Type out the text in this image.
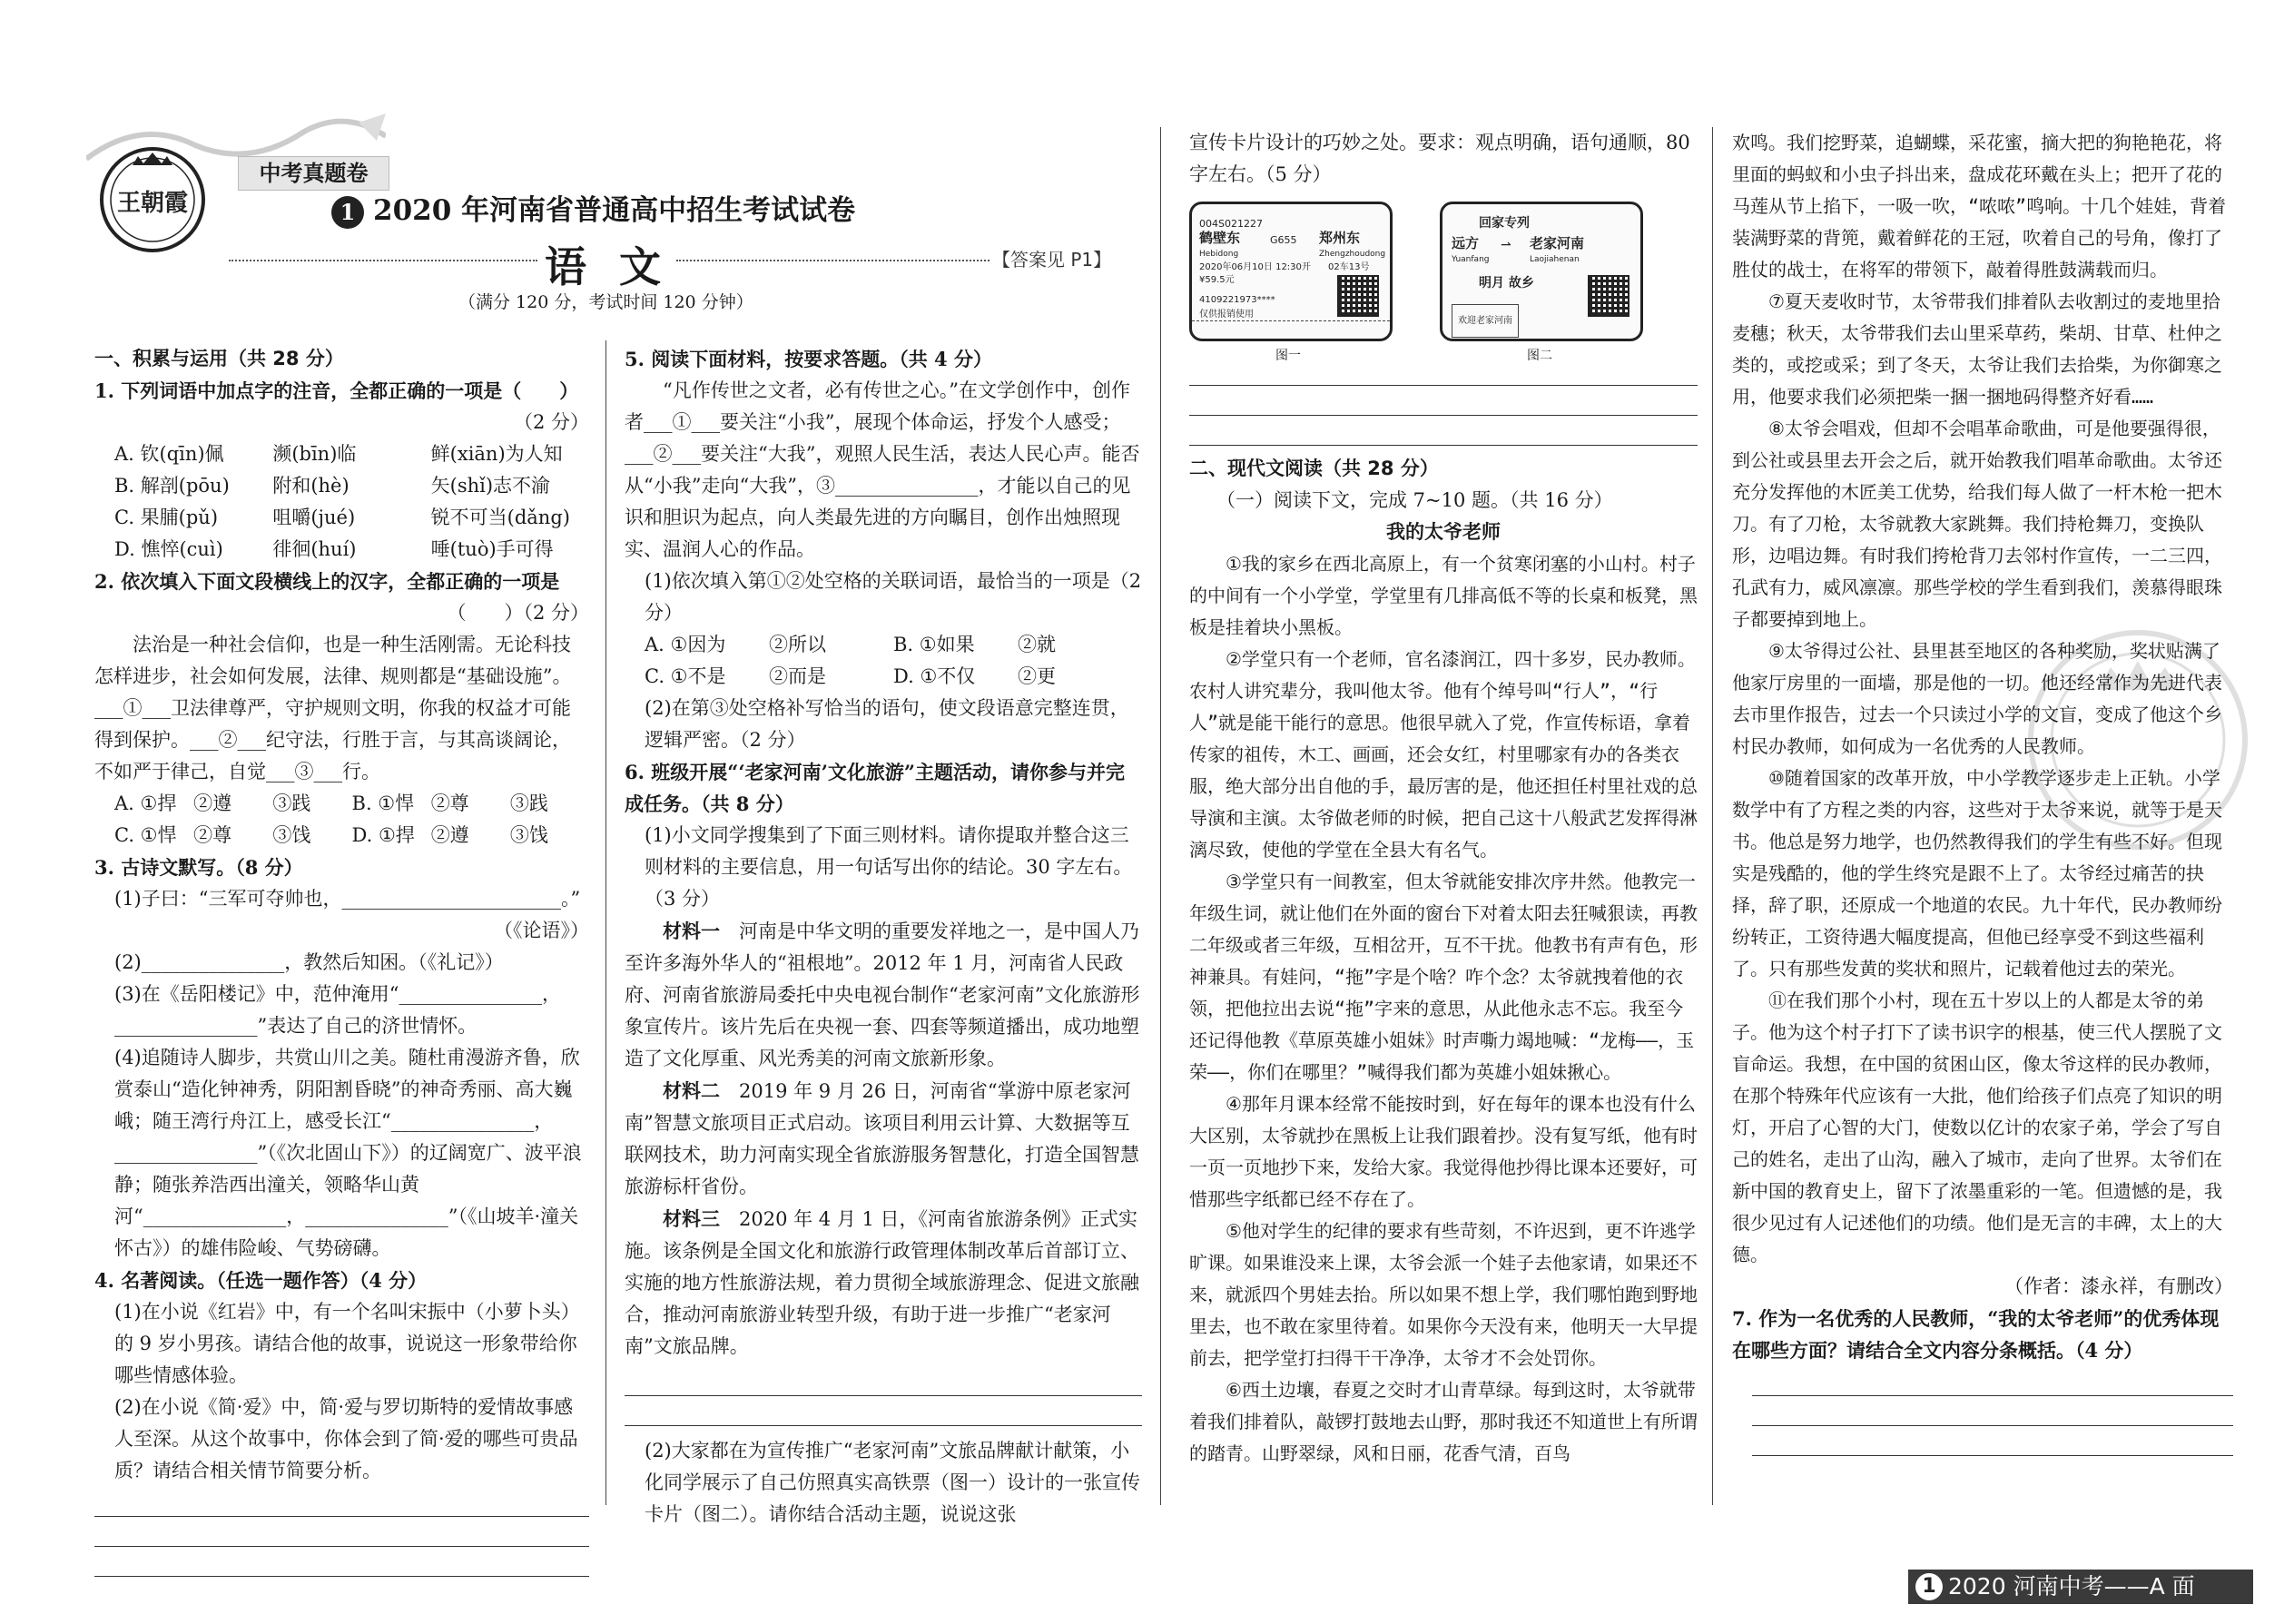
王朝霞
中考真题卷
1 2020 年河南省普通高中招生考试试卷
语 文	【答案见 P1】
（满分 120 分，考试时间 120 分钟）

一、积累与运用（共 28 分）

1. 下列词语中加点字的注音，全都正确的一项是（　　）

（2 分）

A. 钦(qīn)佩	濒(bīn)临	鲜(xiān)为人知
B. 解剖(pōu)	附和(hè)	矢(shǐ)志不渝
C. 果脯(pǔ)	咀嚼(jué)	锐不可当(dǎng)
D. 憔悴(cuì)	徘徊(huí)	唾(tuò)手可得

2. 依次填入下面文段横线上的汉字，全都正确的一项是

（　　）（2 分）

法治是一种社会信仰，也是一种生活刚需。无论科技怎样进步，社会如何发展，法律、规则都是“基础设施”。___①___卫法律尊严，守护规则文明，你我的权益才可能得到保护。___②___纪守法，行胜于言，与其高谈阔论，不如严于律己，自觉___③___行。

A. ①捍 ②遵	③践	B. ①悍 ②尊	③践
C. ①悍 ②尊	③饯	D. ①捍 ②遵	③饯

3. 古诗文默写。（8 分）

(1)子曰：“三军可夺帅也，_______________________。”

（《论语》）

(2)_______________，教然后知困。（《礼记》）

(3)在《岳阳楼记》中，范仲淹用“_______________，_______________”表达了自己的济世情怀。

(4)追随诗人脚步，共赏山川之美。随杜甫漫游齐鲁，欣赏泰山“造化钟神秀，阴阳割昏晓”的神奇秀丽、高大巍峨；随王湾行舟江上，感受长江“_______________，_______________”（《次北固山下》）的辽阔宽广、波平浪静；随张养浩西出潼关，领略华山黄河“_______________，_______________”（《山坡羊·潼关怀古》）的雄伟险峻、气势磅礴。

4. 名著阅读。（任选一题作答）（4 分）

(1)在小说《红岩》中，有一个名叫宋振中（小萝卜头）的 9 岁小男孩。请结合他的故事，说说这一形象带给你哪些情感体验。

(2)在小说《简·爱》中，简·爱与罗切斯特的爱情故事感人至深。从这个故事中，你体会到了简·爱的哪些可贵品质？请结合相关情节简要分析。

5. 阅读下面材料，按要求答题。（共 4 分）

“凡作传世之文者，必有传世之心。”在文学创作中，创作者___①___要关注“小我”，展现个体命运，抒发个人感受；___②___要关注“大我”，观照人民生活，表达人民心声。能否从“小我”走向“大我”，③_______________，才能以自己的见识和胆识为起点，向人类最先进的方向瞩目，创作出烛照现实、温润人心的作品。

(1)依次填入第①②处空格的关联词语，最恰当的一项是（2 分）

A. ①因为	②所以	B. ①如果	②就
C. ①不是	②而是	D. ①不仅	②更

(2)在第③处空格补写恰当的语句，使文段语意完整连贯，逻辑严密。（2 分）

6. 班级开展“‘老家河南’文化旅游”主题活动，请你参与并完成任务。（共 8 分）

(1)小文同学搜集到了下面三则材料。请你提取并整合这三则材料的主要信息，用一句话写出你的结论。30 字左右。（3 分）

材料一　 河南是中华文明的重要发祥地之一，是中国人乃至许多海外华人的“祖根地”。2012 年 1 月，河南省人民政府、河南省旅游局委托中央电视台制作“老家河南”文化旅游形象宣传片。该片先后在央视一套、四套等频道播出，成功地塑造了文化厚重、风光秀美的河南文旅新形象。

材料二　 2019 年 9 月 26 日，河南省“掌游中原老家河南”智慧文旅项目正式启动。该项目利用云计算、大数据等互联网技术，助力河南实现全省旅游服务智慧化，打造全国智慧旅游标杆省份。

材料三　 2020 年 4 月 1 日，《河南省旅游条例》正式实施。该条例是全国文化和旅游行政管理体制改革后首部订立、实施的地方性旅游法规，着力贯彻全域旅游理念、促进文旅融合，推动河南旅游业转型升级，有助于进一步推广“老家河南”文旅品牌。

(2)大家都在为宣传推广“老家河南”文旅品牌献计献策，小化同学展示了自己仿照真实高铁票（图一）设计的一张宣传卡片（图二）。请你结合活动主题，说说这张

宣传卡片设计的巧妙之处。要求：观点明确，语句通顺，80 字左右。（5 分）

004S021227
鹤壁东
Hebidong
G655 郑州东
Zhengzhoudong
2020年06月10日 12:30开 02车13号
¥59.5元
4109221973****
仅供报销使用
图一
回家专列
远方
Yuanfang
⇀ 老家河南
Laojiahenan
明月 故乡
欢迎老家河南
图二

二、现代文阅读（共 28 分）

（一）阅读下文，完成 7~10 题。（共 16 分）

我的太爷老师

①我的家乡在西北高原上，有一个贫寒闭塞的小山村。村子的中间有一个小学堂，学堂里有几排高低不等的长桌和板凳，黑板是挂着块小黑板。

②学堂只有一个老师，官名漆润江，四十多岁，民办教师。农村人讲究辈分，我叫他太爷。他有个绰号叫“行人”，“行人”就是能干能行的意思。他很早就入了党，作宣传标语，拿着传家的祖传，木工、画画，还会女红，村里哪家有办的各类衣服，绝大部分出自他的手，最厉害的是，他还担任村里社戏的总导演和主演。太爷做老师的时候，把自己这十八般武艺发挥得淋漓尽致，使他的学堂在全县大有名气。

③学堂只有一间教室，但太爷就能安排次序井然。他教完一年级生词，就让他们在外面的窗台下对着太阳去狂喊狠读，再教二年级或者三年级，互相岔开，互不干扰。他教书有声有色，形神兼具。有娃问，“拖”字是个啥？咋个念？太爷就拽着他的衣领，把他拉出去说“拖”字来的意思，从此他永志不忘。我至今还记得他教《草原英雄小姐妹》时声嘶力竭地喊：“龙梅——，玉荣——，你们在哪里？”喊得我们都为英雄小姐妹揪心。

④那年月课本经常不能按时到，好在每年的课本也没有什么大区别，太爷就抄在黑板上让我们跟着抄。没有复写纸，他有时一页一页地抄下来，发给大家。我觉得他抄得比课本还要好，可惜那些字纸都已经不存在了。

⑤他对学生的纪律的要求有些苛刻，不许迟到，更不许逃学旷课。如果谁没来上课，太爷会派一个娃子去他家请，如果还不来，就派四个男娃去抬。所以如果不想上学，我们哪怕跑到野地里去，也不敢在家里待着。如果你今天没有来，他明天一大早提前去，把学堂打扫得干干净净，太爷才不会处罚你。

⑥西土边壤，春夏之交时才山青草绿。每到这时，太爷就带着我们排着队，敲锣打鼓地去山野，那时我还不知道世上有所谓的踏青。山野翠绿，风和日丽，花香气清，百鸟

欢鸣。我们挖野菜，追蝴蝶，采花蜜，摘大把的狗艳艳花，将里面的蚂蚁和小虫子抖出来，盘成花环戴在头上；把开了花的马莲从节上掐下，一吸一吹，“哝哝”鸣响。十几个娃娃，背着装满野菜的背篼，戴着鲜花的王冠，吹着自己的号角，像打了胜仗的战士，在将军的带领下，敲着得胜鼓满载而归。

⑦夏天麦收时节，太爷带我们排着队去收割过的麦地里拾麦穗；秋天，太爷带我们去山里采草药，柴胡、甘草、杜仲之类的，或挖或采；到了冬天，太爷让我们去拾柴，为你御寒之用，他要求我们必须把柴一捆一捆地码得整齐好看……

⑧太爷会唱戏，但却不会唱革命歌曲，可是他要强得很，到公社或县里去开会之后，就开始教我们唱革命歌曲。太爷还充分发挥他的木匠美工优势，给我们每人做了一杆木枪一把木刀。有了刀枪，太爷就教大家跳舞。我们持枪舞刀，变换队形，边唱边舞。有时我们挎枪背刀去邻村作宣传，一二三四，孔武有力，威风凛凛。那些学校的学生看到我们，羡慕得眼珠子都要掉到地上。

⑨太爷得过公社、县里甚至地区的各种奖励，奖状贴满了他家厅房里的一面墙，那是他的一切。他还经常作为先进代表去市里作报告，过去一个只读过小学的文盲，变成了他这个乡村民办教师，如何成为一名优秀的人民教师。

⑩随着国家的改革开放，中小学教学逐步走上正轨。小学数学中有了方程之类的内容，这些对于太爷来说，就等于是天书。他总是努力地学，也仍然教得我们的学生有些不好。但现实是残酷的，他的学生终究是跟不上了。太爷经过痛苦的抉择，辞了职，还原成一个地道的农民。九十年代，民办教师纷纷转正，工资待遇大幅度提高，但他已经享受不到这些福利了。只有那些发黄的奖状和照片，记载着他过去的荣光。

⑪在我们那个小村，现在五十岁以上的人都是太爷的弟子。他为这个村子打下了读书识字的根基，使三代人摆脱了文盲命运。我想，在中国的贫困山区，像太爷这样的民办教师，在那个特殊年代应该有一大批，他们给孩子们点亮了知识的明灯，开启了心智的大门，使数以亿计的农家子弟，学会了写自己的姓名，走出了山沟，融入了城市，走向了世界。太爷们在新中国的教育史上，留下了浓墨重彩的一笔。但遗憾的是，我很少见过有人记述他们的功绩。他们是无言的丰碑，太上的大德。

（作者：漆永祥，有删改）

7. 作为一名优秀的人民教师，“我的太爷老师”的优秀体现在哪些方面？请结合全文内容分条概括。（4 分）

1 2020 河南中考——A 面
